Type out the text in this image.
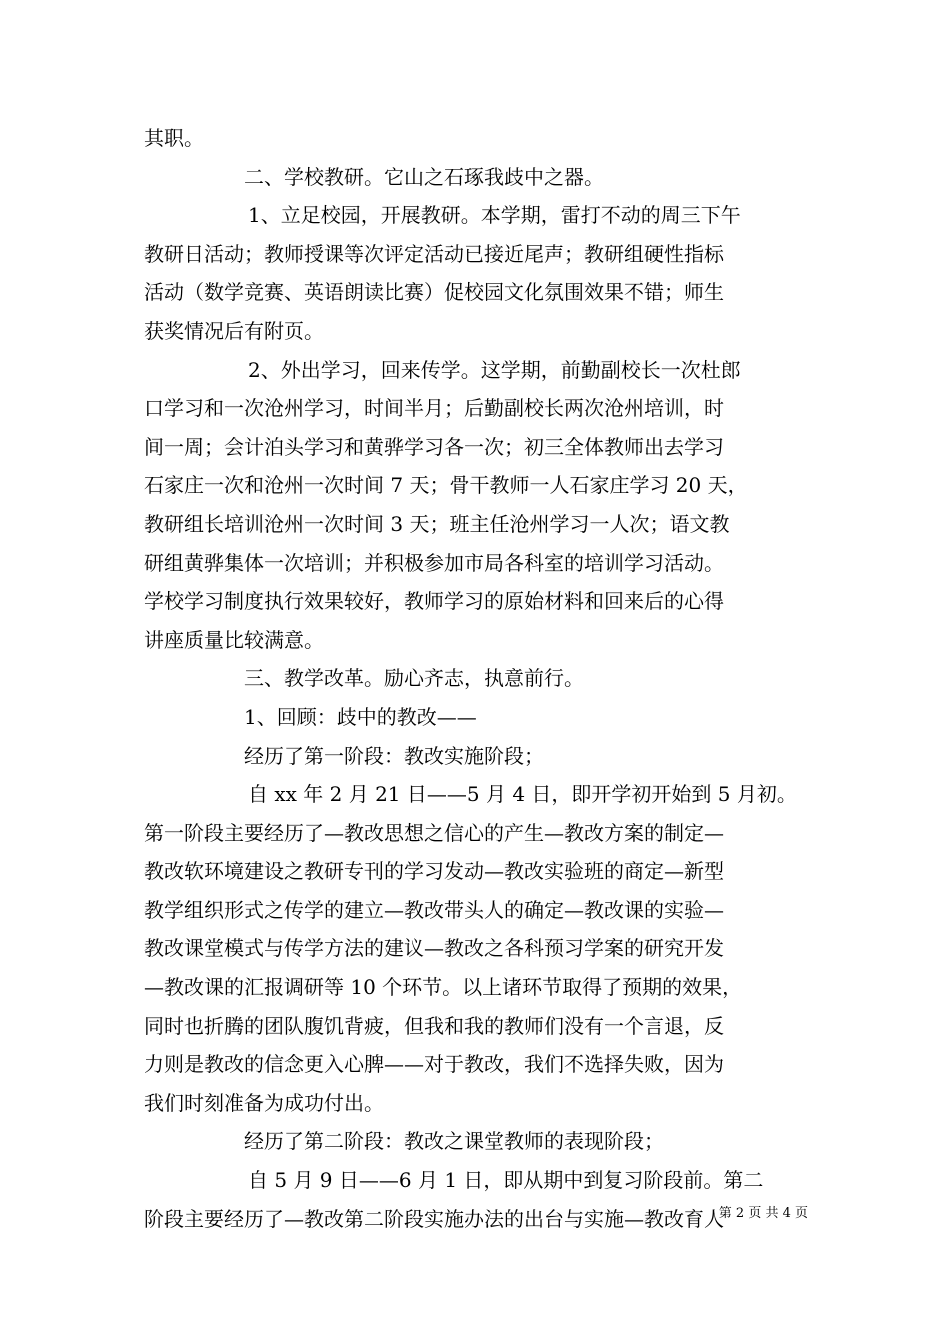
其职。
二、学校教研。它山之石琢我歧中之器。
1、立足校园，开展教研。本学期，雷打不动的周三下午
教研日活动；教师授课等次评定活动已接近尾声；教研组硬性指标
活动（数学竞赛、英语朗读比赛）促校园文化氛围效果不错；师生
获奖情况后有附页。
2、外出学习，回来传学。这学期，前勤副校长一次杜郎
口学习和一次沧州学习，时间半月；后勤副校长两次沧州培训，时
间一周；会计泊头学习和黄骅学习各一次；初三全体教师出去学习
石家庄一次和沧州一次时间 7 天；骨干教师一人石家庄学习 20 天，
教研组长培训沧州一次时间 3 天；班主任沧州学习一人次；语文教
研组黄骅集体一次培训；并积极参加市局各科室的培训学习活动。
学校学习制度执行效果较好，教师学习的原始材料和回来后的心得
讲座质量比较满意。
三、教学改革。励心齐志，执意前行。
1、回顾：歧中的教改——
经历了第一阶段：教改实施阶段；
自 xx 年 2 月 21 日——5 月 4 日，即开学初开始到 5 月初。
第一阶段主要经历了—教改思想之信心的产生—教改方案的制定—
教改软环境建设之教研专刊的学习发动—教改实验班的商定—新型
教学组织形式之传学的建立—教改带头人的确定—教改课的实验—
教改课堂模式与传学方法的建议—教改之各科预习学案的研究开发
—教改课的汇报调研等 10 个环节。以上诸环节取得了预期的效果，
同时也折腾的团队腹饥背疲，但我和我的教师们没有一个言退，反
力则是教改的信念更入心脾——对于教改，我们不选择失败，因为
我们时刻准备为成功付出。
经历了第二阶段：教改之课堂教师的表现阶段；
自 5 月 9 日——6 月 1 日，即从期中到复习阶段前。第二
阶段主要经历了—教改第二阶段实施办法的出台与实施—教改育人
第 2 页 共 4 页
